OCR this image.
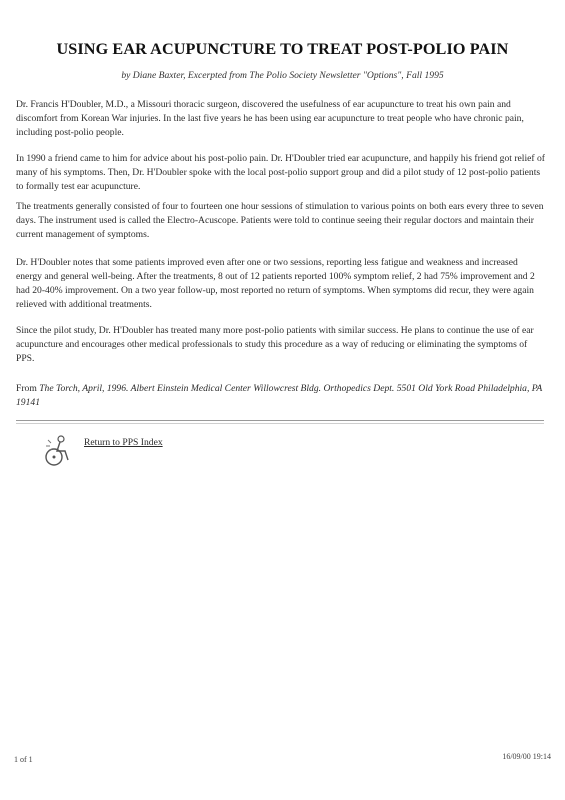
USING EAR ACUPUNCTURE TO TREAT POST-POLIO PAIN
by Diane Baxter, Excerpted from The Polio Society Newsletter "Options", Fall 1995

Dr. Francis H'Doubler, M.D., a Missouri thoracic surgeon, discovered the usefulness of ear acupuncture to treat his own pain and discomfort from Korean War injuries. In the last five years he has been using ear acupuncture to treat people who have chronic pain, including post-polio people.

In 1990 a friend came to him for advice about his post-polio pain. Dr. H'Doubler tried ear acupuncture, and happily his friend got relief of many of his symptoms. Then, Dr. H'Doubler spoke with the local post-polio support group and did a pilot study of 12 post-polio patients to formally test ear acupuncture.

The treatments generally consisted of four to fourteen one hour sessions of stimulation to various points on both ears every three to seven days. The instrument used is called the Electro-Acuscope. Patients were told to continue seeing their regular doctors and maintain their current management of symptoms.

Dr. H'Doubler notes that some patients improved even after one or two sessions, reporting less fatigue and weakness and increased energy and general well-being. After the treatments, 8 out of 12 patients reported 100% symptom relief, 2 had 75% improvement and 2 had 20-40% improvement. On a two year follow-up, most reported no return of symptoms. When symptoms did recur, they were again relieved with additional treatments.

Since the pilot study, Dr. H'Doubler has treated many more post-polio patients with similar success. He plans to continue the use of ear acupuncture and encourages other medical professionals to study this procedure as a way of reducing or eliminating the symptoms of PPS.

From The Torch, April, 1996. Albert Einstein Medical Center Willowcrest Bldg. Orthopedics Dept. 5501 Old York Road Philadelphia, PA 19141

Return to PPS Index
1 of 1	16/09/00 19:14
